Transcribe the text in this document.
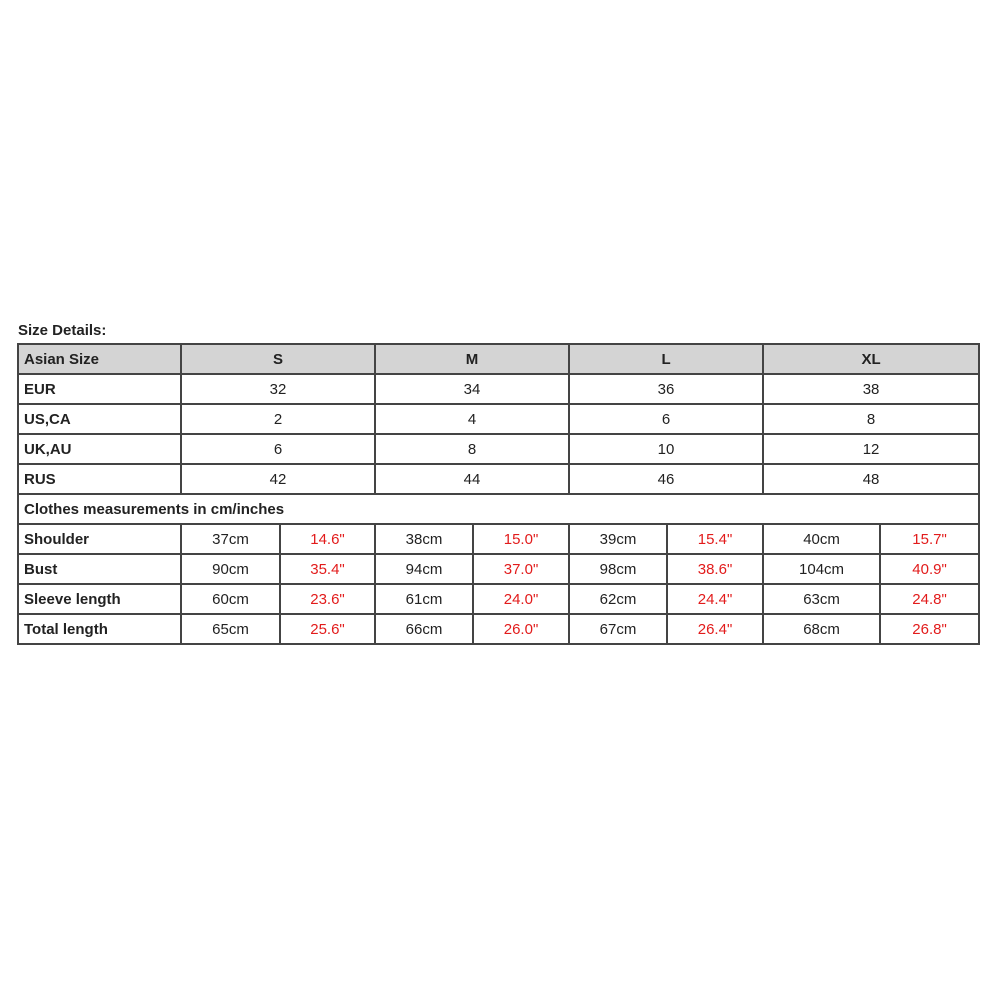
Size Details:
Asian Size	S		M		L		XL	
EUR	32		34		36		38	
US,CA	2		4		6		8	
UK,AU	6		8		10		12	
RUS	42		44		46		48	
Clothes measurements in cm/inches								
Shoulder	37cm	14.6"	38cm	15.0"	39cm	15.4"	40cm	15.7"
Bust	90cm	35.4"	94cm	37.0"	98cm	38.6"	104cm	40.9"
Sleeve length	60cm	23.6"	61cm	24.0"	62cm	24.4"	63cm	24.8"
Total length	65cm	25.6"	66cm	26.0"	67cm	26.4"	68cm	26.8"
